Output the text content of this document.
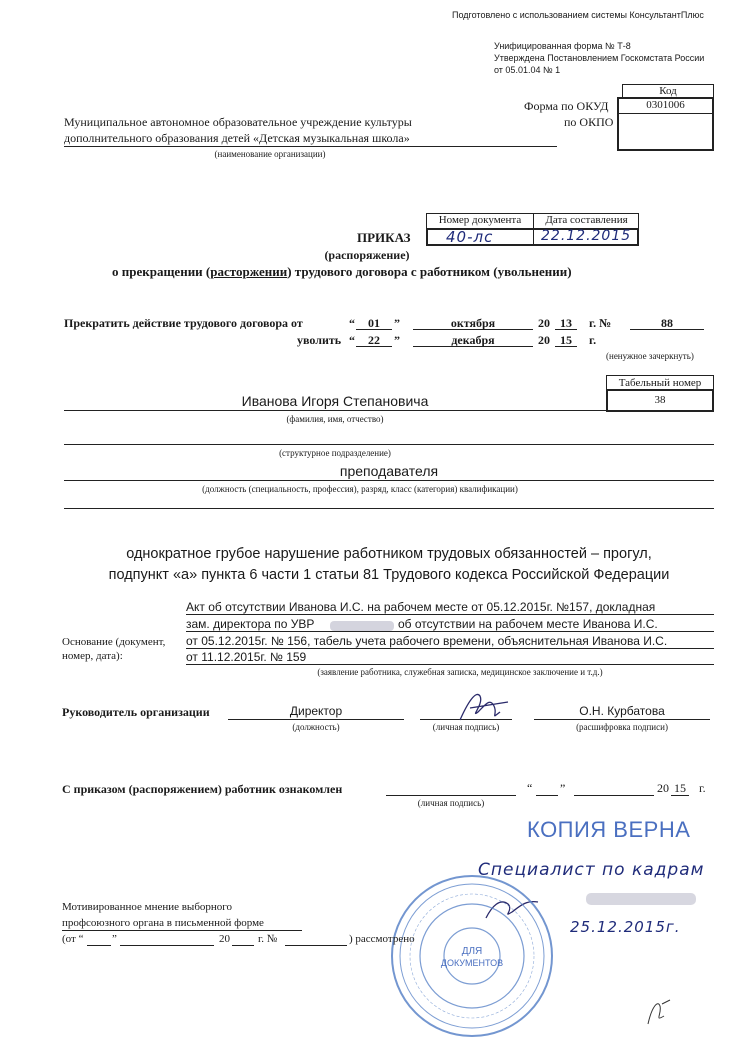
Подготовлено с использованием системы КонсультантПлюс
Унифицированная форма № Т-8
Утверждена Постановлением Госкомстата России
от 05.01.04 № 1
Код
0301006
Форма по ОКУД
по ОКПО
Муниципальное автономное образовательное учреждение культуры
дополнительного образования детей «Детская музыкальная школа»
(наименование организации)
Номер документа	Дата составления
40-лс	22.12.2015
ПРИКАЗ
(распоряжение)
о прекращении (расторжении) трудового договора с работником (увольнении)
Прекратить действие трудового договора от	“	01	”	октября	20 13	г. №	88
уволить “	22	”	декабря	20 15	г.
(ненужное зачеркнуть)
Табельный номер
38
Иванова Игоря Степановича
(фамилия, имя, отчество)
(структурное подразделение)
преподавателя
(должность (специальность, профессия), разряд, класс (категория) квалификации)
однократное грубое нарушение работником трудовых обязанностей – прогул,
подпункт «а» пункта 6 части 1 статьи 81 Трудового кодекса Российской Федерации
Акт об отсутствии Иванова И.С. на рабочем месте от 05.12.2015г. №157, докладная
зам. директора по УВР	об отсутствии на рабочем месте Иванова И.С.
от 05.12.2015г. № 156, табель учета рабочего времени, объяснительная Иванова И.С.
от 11.12.2015г. № 159
Основание (документ,
номер, дата):
(заявление работника, служебная записка, медицинское заключение и т.д.)
Руководитель организации	Директор
(должность)	(личная подпись)
О.Н. Курбатова
(расшифровка подписи)
С приказом (распоряжением) работник ознакомлен
(личная подпись)
“ ”	20 15 г.
КОПИЯ ВЕРНА
Специалист по кадрам
25.12.2015г.
ДЛЯ
ДОКУМЕНТОВ
Мотивированное мнение выборного
профсоюзного органа в письменной форме
(от “	”	20	г. №	) рассмотрено
